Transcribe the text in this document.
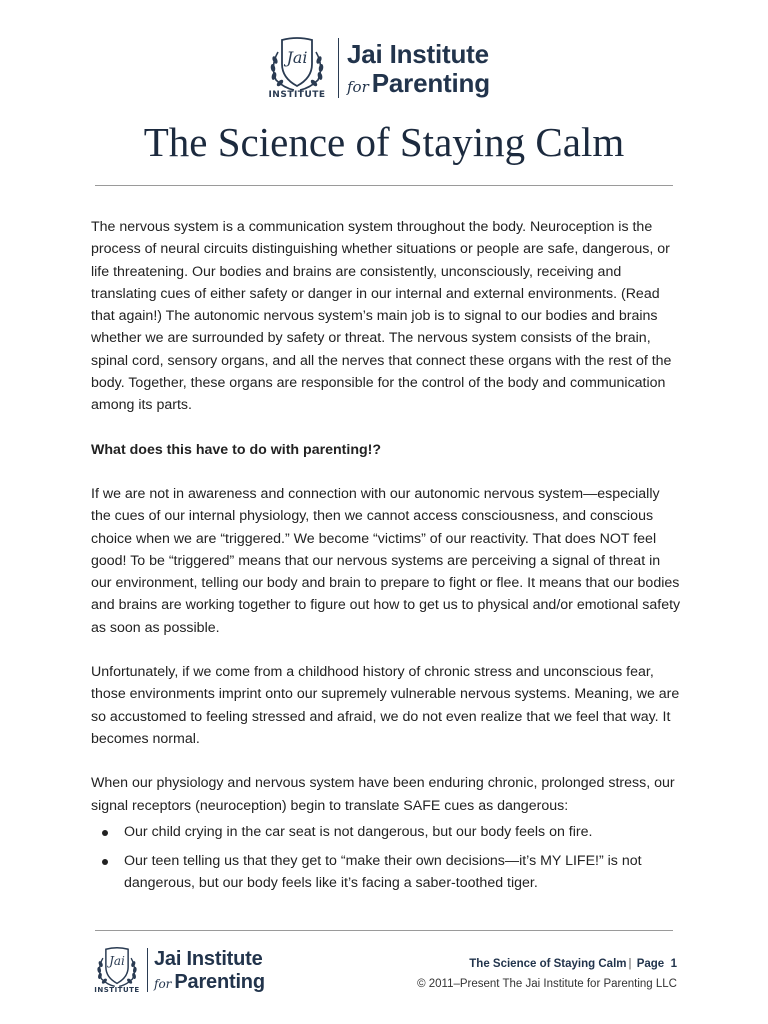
Jai
INSTITUTE
Jai Institute
for Parenting
The Science of Staying Calm

The nervous system is a communication system throughout the body. Neuroception is the process of neural circuits distinguishing whether situations or people are safe, dangerous, or life threatening. Our bodies and brains are consistently, unconsciously, receiving and translating cues of either safety or danger in our internal and external environments. (Read that again!) The autonomic nervous system’s main job is to signal to our bodies and brains whether we are surrounded by safety or threat. The nervous system consists of the brain, spinal cord, sensory organs, and all the nerves that connect these organs with the rest of the body. Together, these organs are responsible for the control of the body and communication among its parts.

What does this have to do with parenting!?

If we are not in awareness and connection with our autonomic nervous system—especially the cues of our internal physiology, then we cannot access consciousness, and conscious choice when we are “triggered.” We become “victims” of our reactivity. That does NOT feel good! To be “triggered” means that our nervous systems are perceiving a signal of threat in our environment, telling our body and brain to prepare to fight or flee. It means that our bodies and brains are working together to figure out how to get us to physical and/or emotional safety as soon as possible.

Unfortunately, if we come from a childhood history of chronic stress and unconscious fear, those environments imprint onto our supremely vulnerable nervous systems. Meaning, we are so accustomed to feeling stressed and afraid, we do not even realize that we feel that way. It becomes normal.

When our physiology and nervous system have been enduring chronic, prolonged stress, our signal receptors (neuroception) begin to translate SAFE cues as dangerous:

Our child crying in the car seat is not dangerous, but our body feels on fire.
Our teen telling us that they get to “make their own decisions—it’s MY LIFE!” is not dangerous, but our body feels like it’s facing a saber-toothed tiger.
Jai
INSTITUTE
Jai Institute
for Parenting
The Science of Staying Calm | Page 1
© 2011–Present The Jai Institute for Parenting LLC
